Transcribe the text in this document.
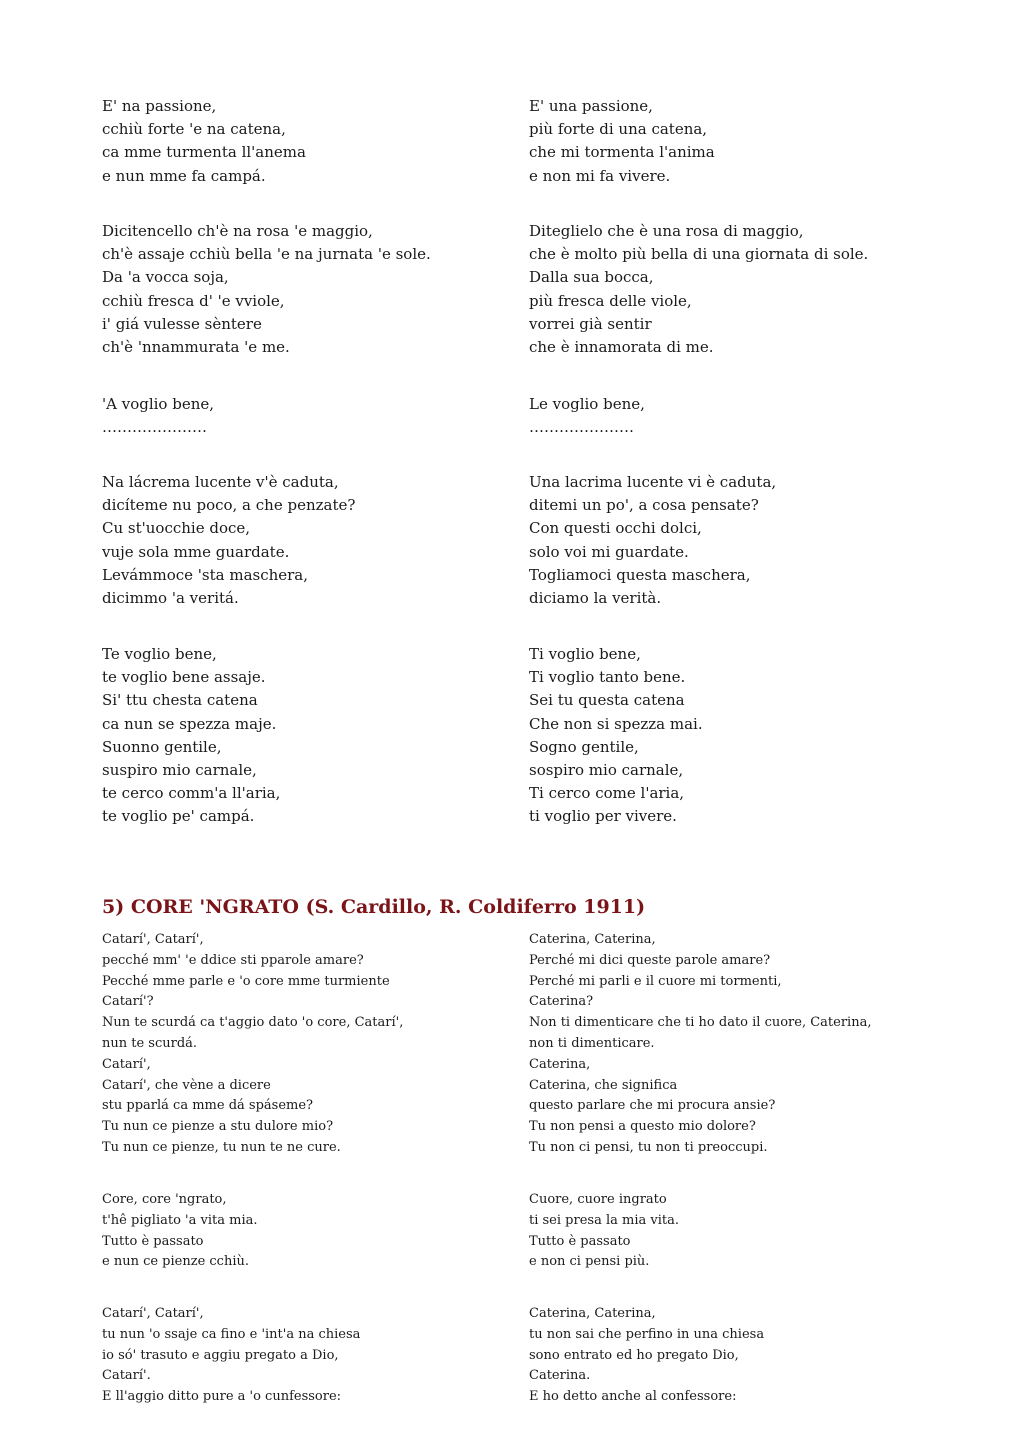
E' na passione,
cchiù forte 'e na catena,
ca mme turmenta ll'anema
e nun mme fa campá.
E' una passione,
più forte di una catena,
che mi tormenta l'anima
e non mi fa vivere.
Dicitencello ch'è na rosa 'e maggio,
ch'è assaje cchiù bella 'e na jurnata 'e sole.
Da 'a vocca soja,
cchiù fresca d' 'e vviole,
i' giá vulesse sèntere
ch'è 'nnammurata 'e me.
Diteglielo che è una rosa di maggio,
che è molto più bella di una giornata di sole.
Dalla sua bocca,
più fresca delle viole,
vorrei già sentir
che è innamorata di me.
'A voglio bene,
…………………
Le voglio bene,
…………………
Na lácrema lucente v'è caduta,
dicíteme nu poco, a che penzate?
Cu st'uocchie doce,
vuje sola mme guardate.
Levámmoce 'sta maschera,
dicimmo 'a veritá.
Una lacrima lucente vi è caduta,
ditemi un po', a cosa pensate?
Con questi occhi dolci,
solo voi mi guardate.
Togliamoci questa maschera,
diciamo la verità.
Te voglio bene,
te voglio bene assaje.
Si' ttu chesta catena
ca nun se spezza maje.
Suonno gentile,
suspiro mio carnale,
te cerco comm'a ll'aria,
te voglio pe' campá.
Ti voglio bene,
Ti voglio tanto bene.
Sei tu questa catena
Che non si spezza mai.
Sogno gentile,
sospiro mio carnale,
Ti cerco come l'aria,
ti voglio per vivere.
5) CORE 'NGRATO (S. Cardillo, R. Coldiferro 1911)
Catarí', Catarí',
pecché mm' 'e ddice sti pparole amare?
Pecché mme parle e 'o core mme turmiente
Catarí'?
Nun te scurdá ca t'aggio dato 'o core, Catarí',
nun te scurdá.
Catarí',
Catarí', che vène a dicere
stu pparlá ca mme dá spáseme?
Tu nun ce pienze a stu dulore mio?
Tu nun ce pienze, tu nun te ne cure.
Caterina, Caterina,
Perché mi dici queste parole amare?
Perché mi parli e il cuore mi tormenti,
Caterina?
Non ti dimenticare che ti ho dato il cuore, Caterina,
non ti dimenticare.
Caterina,
Caterina, che significa
questo parlare che mi procura ansie?
Tu non pensi a questo mio dolore?
Tu non ci pensi, tu non ti preoccupi.
Core, core 'ngrato,
t'hê pigliato 'a vita mia.
Tutto è passato
e nun ce pienze cchiù.
Cuore, cuore ingrato
ti sei presa la mia vita.
Tutto è passato
e non ci pensi più.
Catarí', Catarí',
tu nun 'o ssaje ca fino e 'int'a na chiesa
io só' trasuto e aggiu pregato a Dio,
Catarí'.
E ll'aggio ditto pure a 'o cunfessore:
Caterina, Caterina,
tu non sai che perfino in una chiesa
sono entrato ed ho pregato Dio,
Caterina.
E ho detto anche al confessore:
